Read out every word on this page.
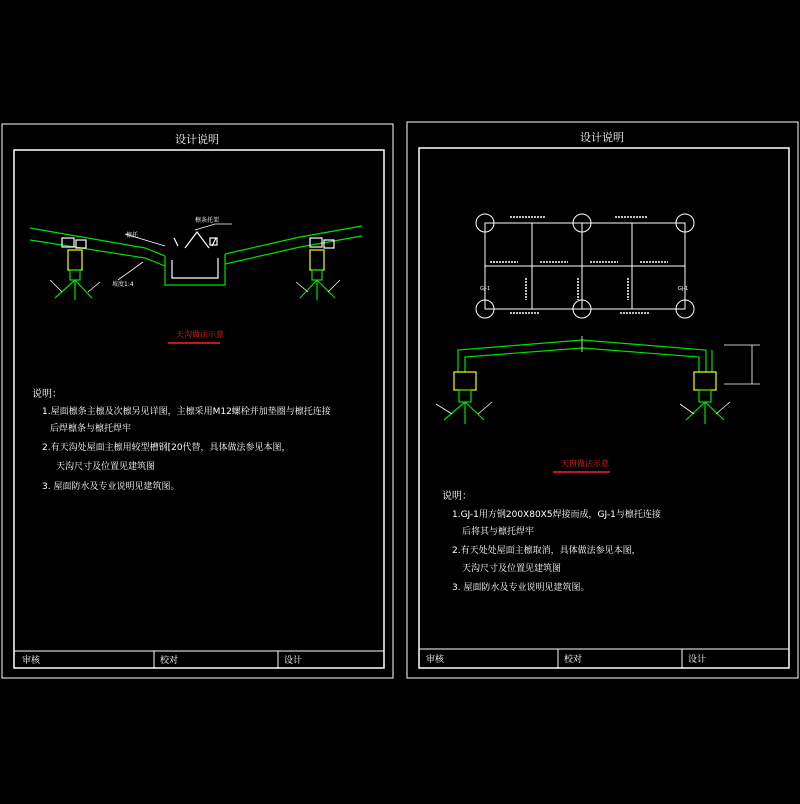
设计说明
檩条托架
檩托
坡度1:4
天沟做法示意
说明：
1.屋面檩条主檩及次檩另见详图，主檩采用M12螺栓并加垫圈与檩托连接
后焊檩条与檩托焊牢
2.有天沟处屋面主檩用较型槽钢[20代替，具体做法参见本图，
天沟尺寸及位置见建筑图
3. 屋面防水及专业说明见建筑图。
审核	校对	设计
设计说明
GJ-1	GJ-1
天窗做法示意
说明：
1.GJ-1用方钢200X80X5焊接而成，GJ-1与檩托连接
后将其与檩托焊牢
2.有天处处屋面主檩取消，具体做法参见本图，
天沟尺寸及位置见建筑图
3. 屋面防水及专业说明见建筑图。
审核	校对	设计
